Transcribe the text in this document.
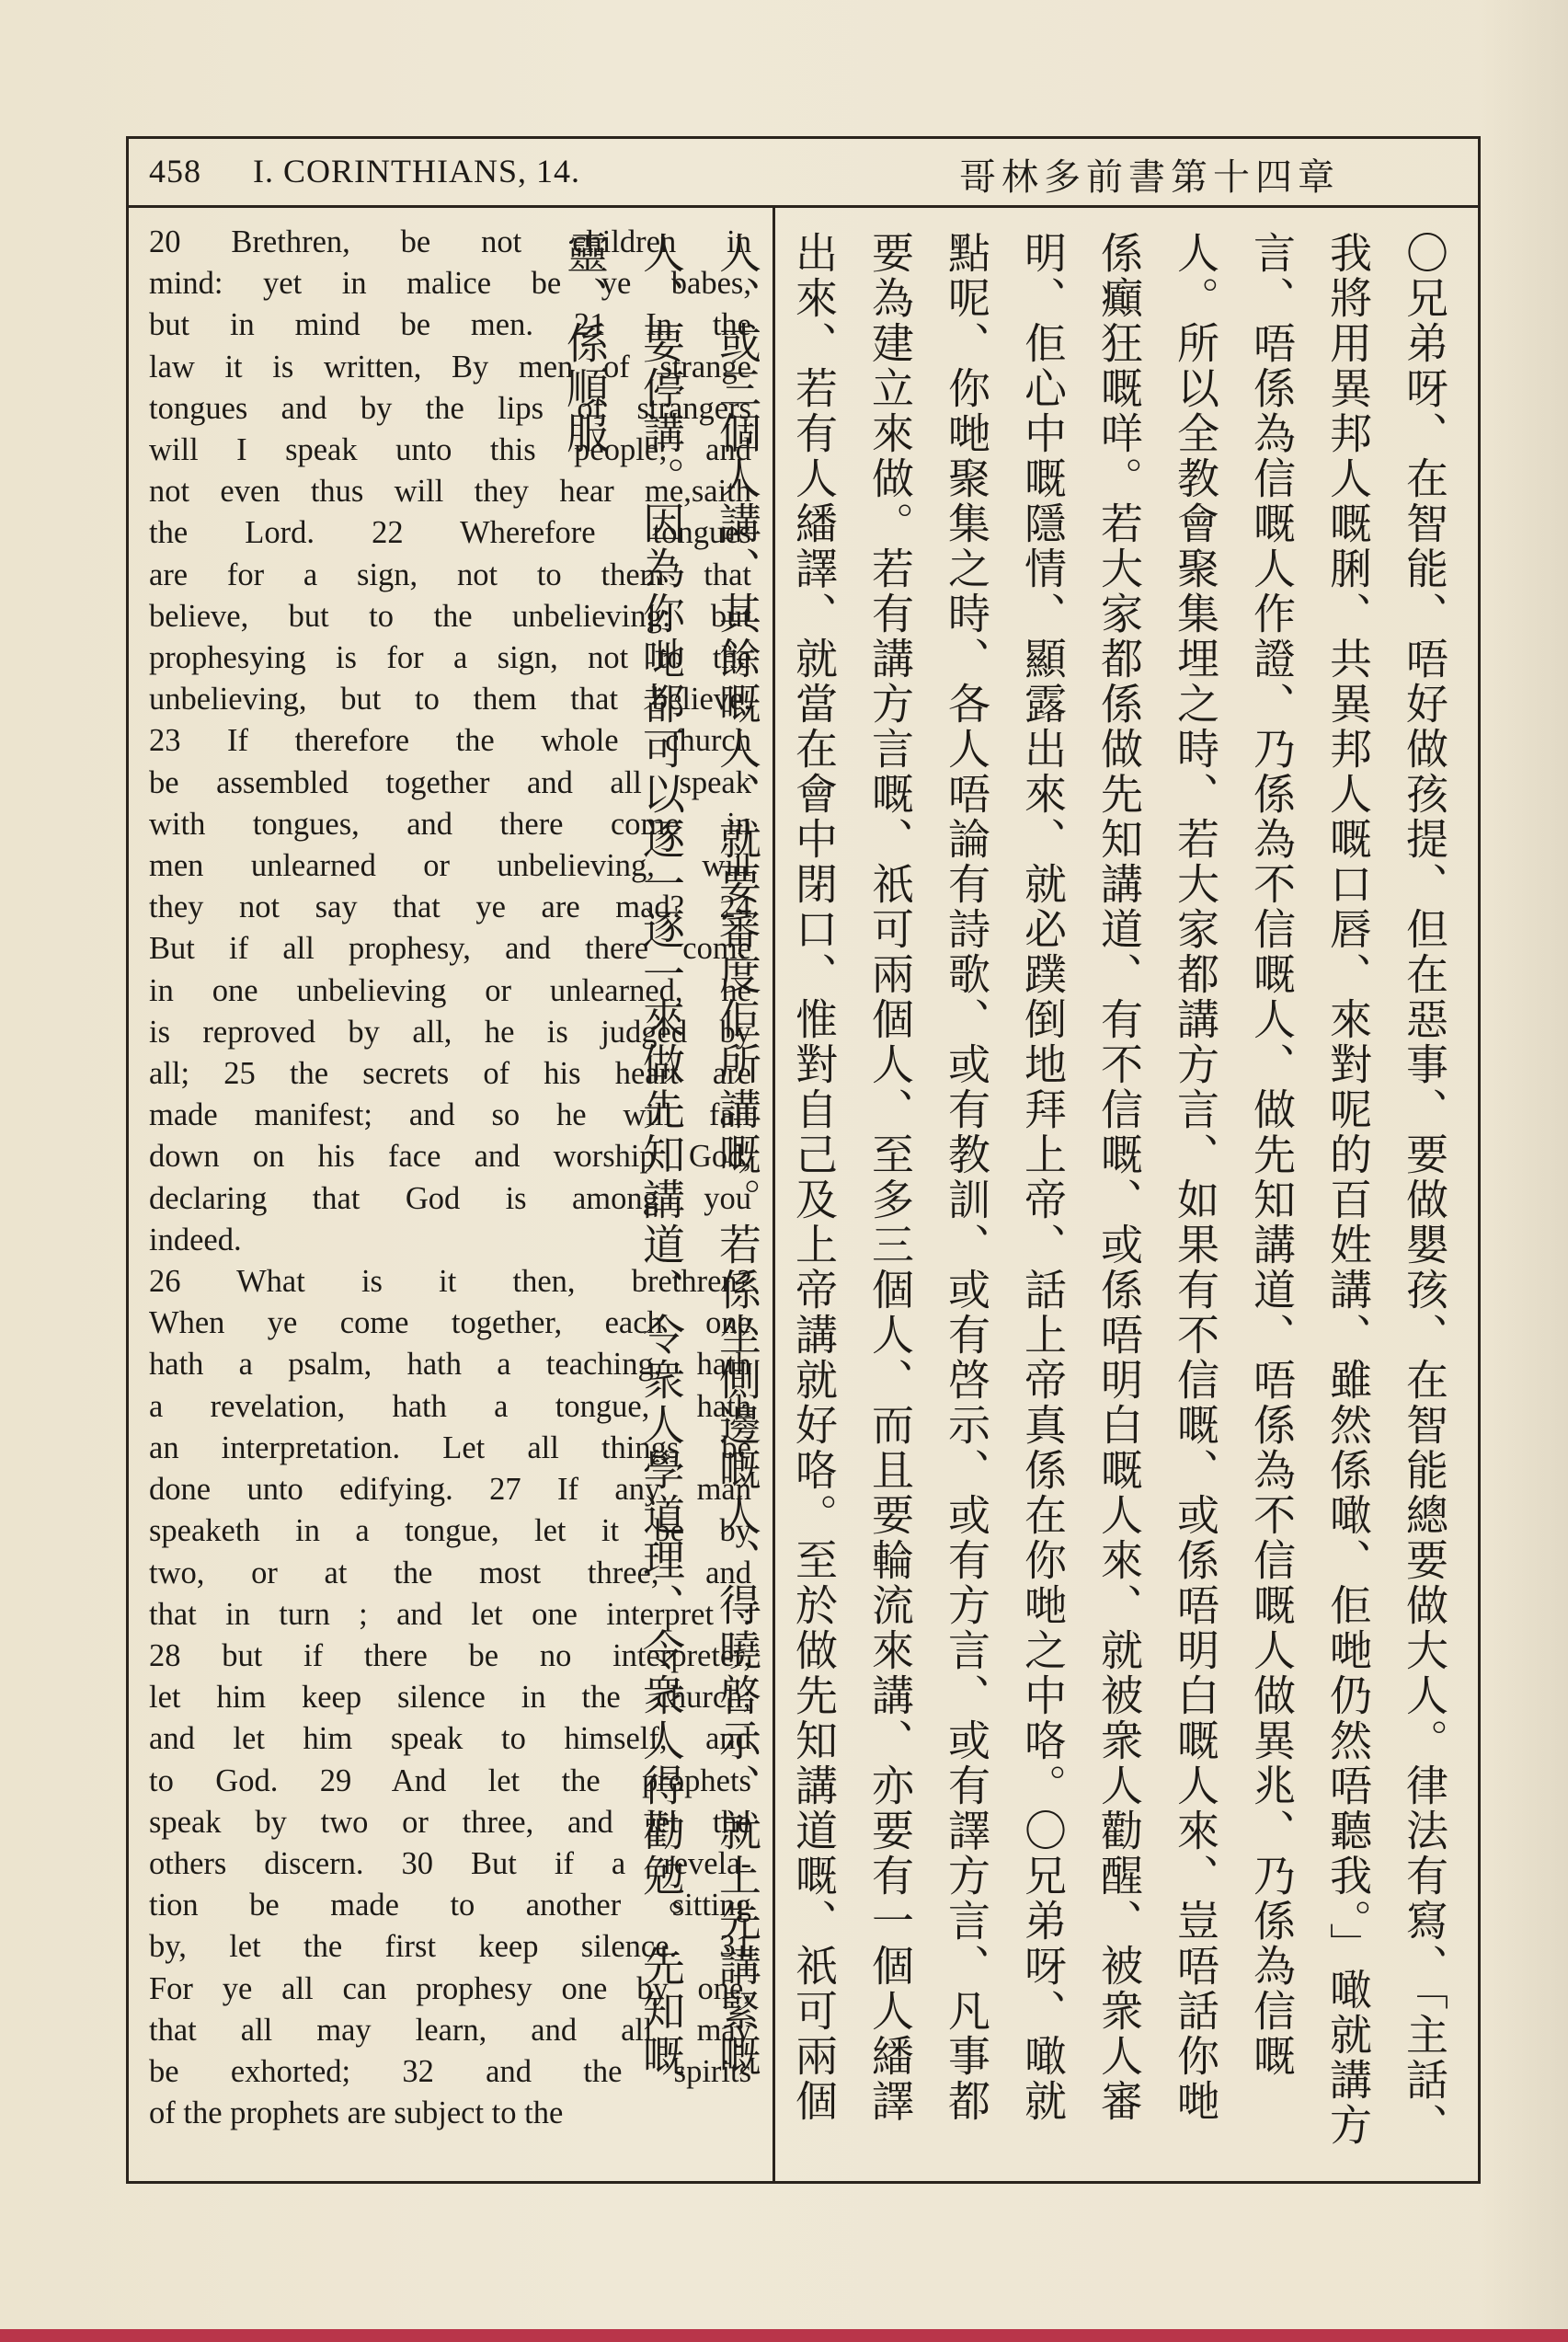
458 I. CORINTHIANS, 14.	哥林多前書第十四章
20 Brethren, be not children in
mind: yet in malice be ye babes,
but in mind be men. 21 In the
law it is written, By men of strange
tongues and by the lips of strangers
will I speak unto this people; and
not even thus will they hear me,saith
the Lord. 22 Wherefore tongues
are for a sign, not to them that
believe, but to the unbelieving: but
prophesying is for a sign, not to the
unbelieving, but to them that believe.
23 If therefore the whole church
be assembled together and all speak
with tongues, and there come in
men unlearned or unbelieving, will
they not say that ye are mad? 24
But if all prophesy, and there come
in one unbelieving or unlearned, he
is reproved by all, he is judged by
all; 25 the secrets of his heart are
made manifest; and so he will fall
down on his face and worship God,
declaring that God is among you
indeed.
26 What is it then, brethren?
When ye come together, each one
hath a psalm, hath a teaching, hath
a revelation, hath a tongue, hath
an interpretation. Let all things be
done unto edifying. 27 If any man
speaketh in a tongue, let it be by
two, or at the most three, and
that in turn ; and let one interpret :
28 but if there be no interpreter,
let him keep silence in the church;
and let him speak to himself, and
to God. 29 And let the prophets
speak by two or three, and let the
others discern. 30 But if a revela-
tion be made to another sitting
by, let the first keep silence. 31
For ye all can prophesy one by one,
that all may learn, and all may
be exhorted; 32 and the spirits
of the prophets are subject to the	〇兄弟呀、在智能、唔好做孩提、但在惡事、要做嬰孩、在智能總要做大人。律法有寫、「主話、我將用異邦人嘅脷、共異邦人嘅口唇、來對呢的百姓講、雖然係噉、佢哋仍然唔聽我。」噉就講方言、唔係為信嘅人作證、乃係為不信嘅人、做先知講道、唔係為不信嘅人做異兆、乃係為信嘅人。所以全教會聚集埋之時、若大家都講方言、如果有不信嘅、或係唔明白嘅人來、豈唔話你哋係癲狂嘅咩。若大家都係做先知講道、有不信嘅、或係唔明白嘅人來、就被衆人勸醒、被衆人審明、佢心中嘅隱情、顯露出來、就必蹼倒地拜上帝、話上帝真係在你哋之中咯。〇兄弟呀、噉就點呢、你哋聚集之時、各人唔論有詩歌、或有教訓、或有啓示、或有方言、或有譯方言、凡事都要為建立來做。若有講方言嘅、祇可兩個人、至多三個人、而且要輪流來講、亦要有一個人繙譯出來、若有人繙譯、就當在會中閉口、惟對自己及上帝講就好咯。至於做先知講道嘅、祇可兩個人、或三個人講、其餘嘅人、就要審度佢所講嘅。若係坐側邊嘅人、得曉啓示、就上先講緊嘅人、要停講。因為你哋都可以逐一逐一來做先知講道、令衆人學道理、令衆人得勸勉。先知嘅靈、係順服
